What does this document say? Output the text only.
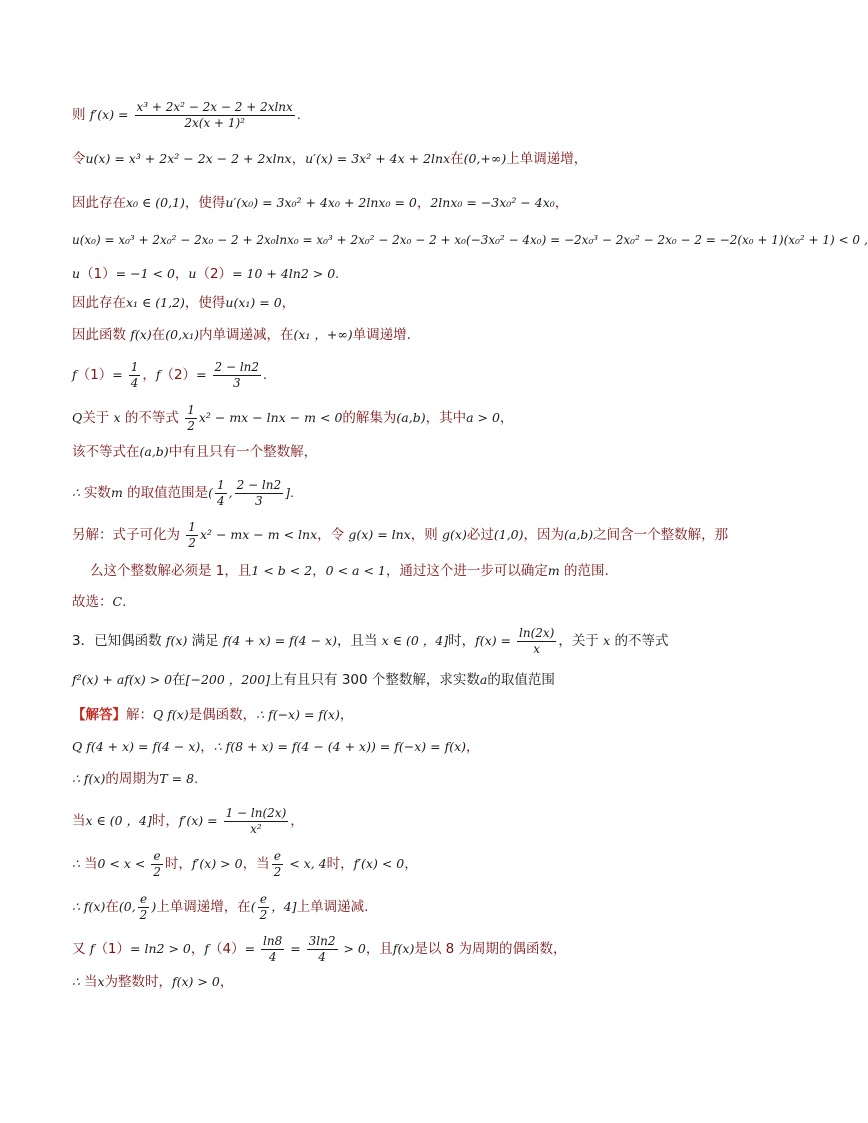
则 $f'(x) = \frac{\text{x³ + 2x² − 2x − 2 + 2xlnx}}{\text{2x(x + 1)²}}$ .
令u(x) = x³ + 2x² − 2x − 2 + 2xlnx，u′(x) = 3x² + 4x + 2lnx在(0,+∞)上单调递增，
因此存在x₀ ∈ (0,1)，使得u′(x₀) = 3x₀² + 4x₀ + 2lnx₀ = 0，2lnx₀ = −3x₀² − 4x₀，
u(x₀) = x₀³ + 2x₀² − 2x₀ − 2 + 2x₀lnx₀ = x₀³ + 2x₀² − 2x₀ − 2 + x₀(−3x₀² − 4x₀) = −2x₀³ − 2x₀² − 2x₀ − 2 = −2(x₀ + 1)(x₀² + 1) < 0 ,
u（1）= −1 < 0，u（2）= 10 + 4ln2 > 0.
因此存在x₁ ∈ (1,2)，使得u(x₁) = 0，
因此函数 f(x)在(0,x₁)内单调递减，在(x₁ ，+∞)单调递增.
$f(1)= \frac{1}{4}$ ，$f(2)= \frac{2 - \ln 2}{3}$ .
Q关于 x 的不等式 $\frac{1}{2} x^2$ − mx − lnx − m < 0的解集为(a,b)，其中a > 0，
该不等式在(a,b)中有且只有一个整数解，
∴ 实数m 的取值范围是( $\frac{1}{4}$ , $\frac{2 - \ln 2}{3}$ ].
另解：式子可化为 $\frac{1}{2} x^2$ − mx − m < lnx，令 g(x) = lnx，则 g(x)必过(1,0)，因为(a,b)之间含一个整数解，那
么这个整数解必须是 1，且1 < b < 2，0 < a < 1，通过这个进一步可以确定m 的范围.
故选：C.
3．已知偶函数 f(x) 满足 f(4 + x) = f(4 − x)，且当 x ∈ (0 ，4]时，$f(x) = \frac{\ln(2x)}{x}$ ，关于 x 的不等式
f²(x) + af(x) > 0在[−200 ，200]上有且只有 300 个整数解，求实数a的取值范围
【解答】解：Q f(x)是偶函数，∴ f(−x) = f(x)，
Q f(4 + x) = f(4 − x)，∴ f(8 + x) = f(4 − (4 + x)) = f(−x) = f(x)，
∴ f(x)的周期为T = 8.
当x ∈ (0 ，4]时，$f'(x) = \frac{1 - \ln(2x)}{\text{x²}}$ ，
∴ 当$0 < x < \frac{e}{2}$ 时，f′(x) > 0，当 $\frac{e}{2} < x$, 4时，f′(x) < 0，
∴ f(x)在(0, $\frac{e}{2}$ )上单调递增，在( $\frac{e}{2}$ ，4]上单调递减.
又 f（1）= ln2 > 0，$f(4)= \frac{\ln 8}{4} = \frac{3\ln 2}{4} > 0$，且f(x)是以 8 为周期的偶函数，
∴ 当x为整数时，f(x) > 0，
